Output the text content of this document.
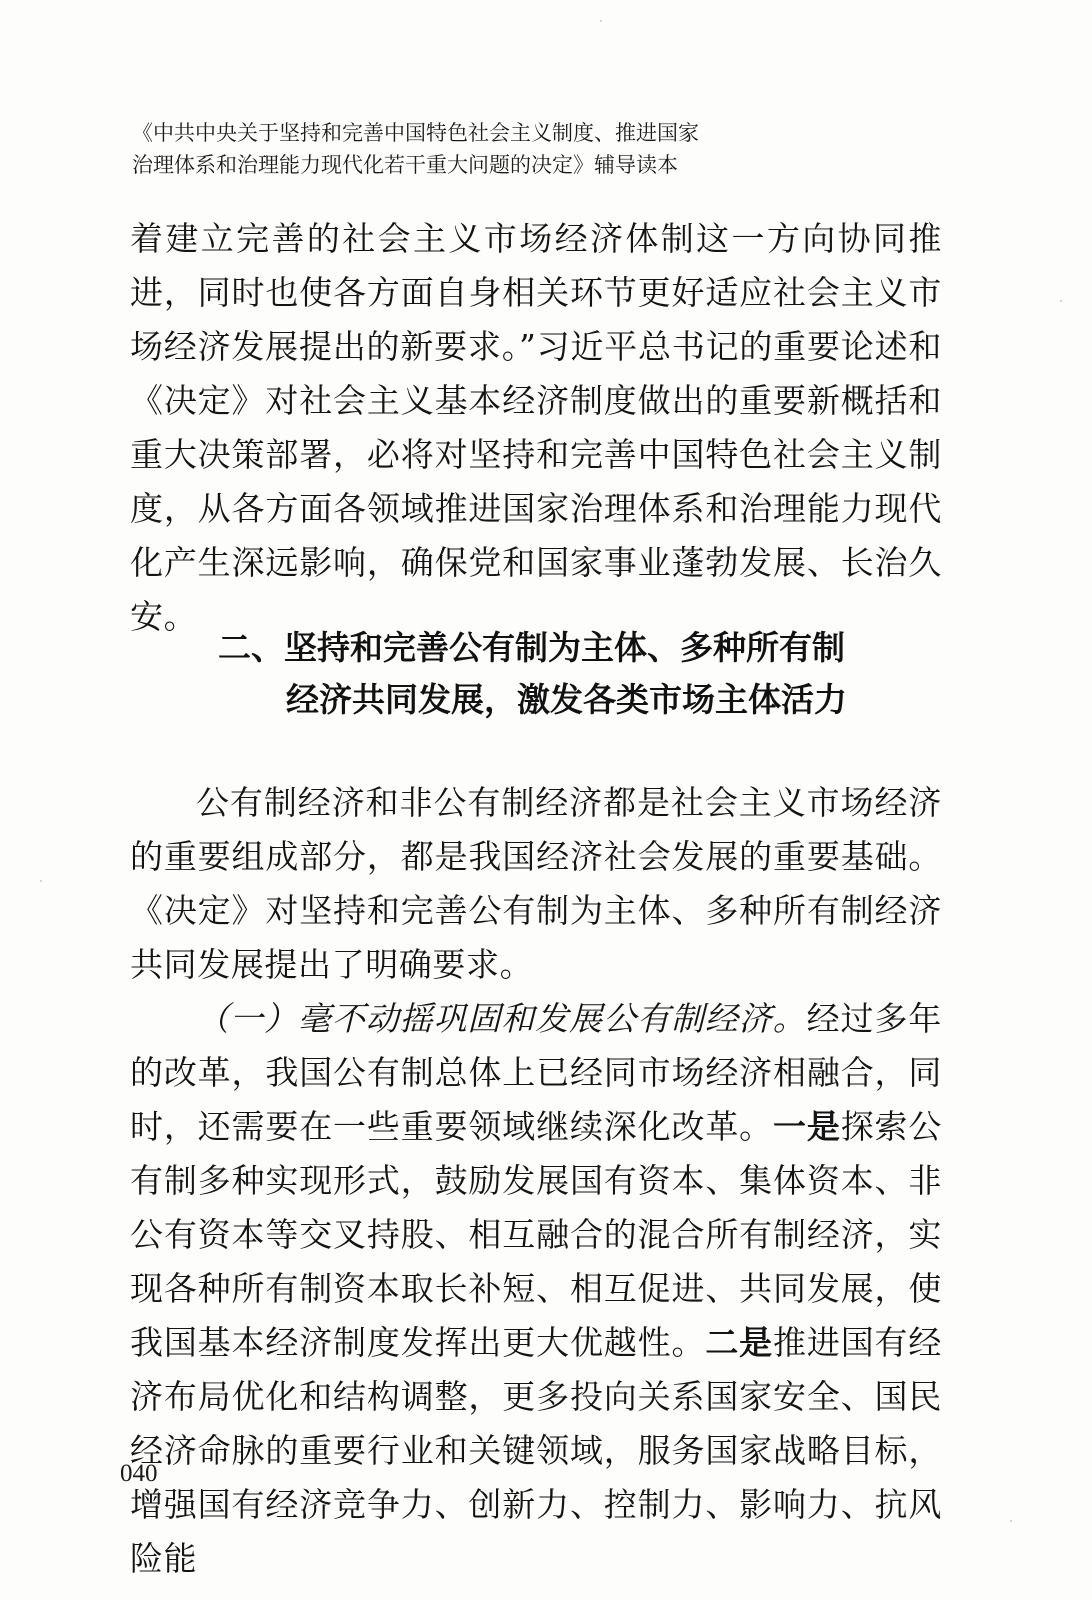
《中共中央关于坚持和完善中国特色社会主义制度、推进国家
治理体系和治理能力现代化若干重大问题的决定》辅导读本

着建立完善的社会主义市场经济体制这一方向协同推进，同时也使各方面自身相关环节更好适应社会主义市场经济发展提出的新要求。”习近平总书记的重要论述和《决定》对社会主义基本经济制度做出的重要新概括和重大决策部署，必将对坚持和完善中国特色社会主义制度，从各方面各领域推进国家治理体系和治理能力现代化产生深远影响，确保党和国家事业蓬勃发展、长治久安。

二、坚持和完善公有制为主体、多种所有制
经济共同发展，激发各类市场主体活力

公有制经济和非公有制经济都是社会主义市场经济的重要组成部分，都是我国经济社会发展的重要基础。《决定》对坚持和完善公有制为主体、多种所有制经济共同发展提出了明确要求。

（一）毫不动摇巩固和发展公有制经济。经过多年的改革，我国公有制总体上已经同市场经济相融合，同时，还需要在一些重要领域继续深化改革。一是探索公有制多种实现形式，鼓励发展国有资本、集体资本、非公有资本等交叉持股、相互融合的混合所有制经济，实现各种所有制资本取长补短、相互促进、共同发展，使我国基本经济制度发挥出更大优越性。二是推进国有经济布局优化和结构调整，更多投向关系国家安全、国民经济命脉的重要行业和关键领域，服务国家战略目标，增强国有经济竞争力、创新力、控制力、影响力、抗风险能

040
